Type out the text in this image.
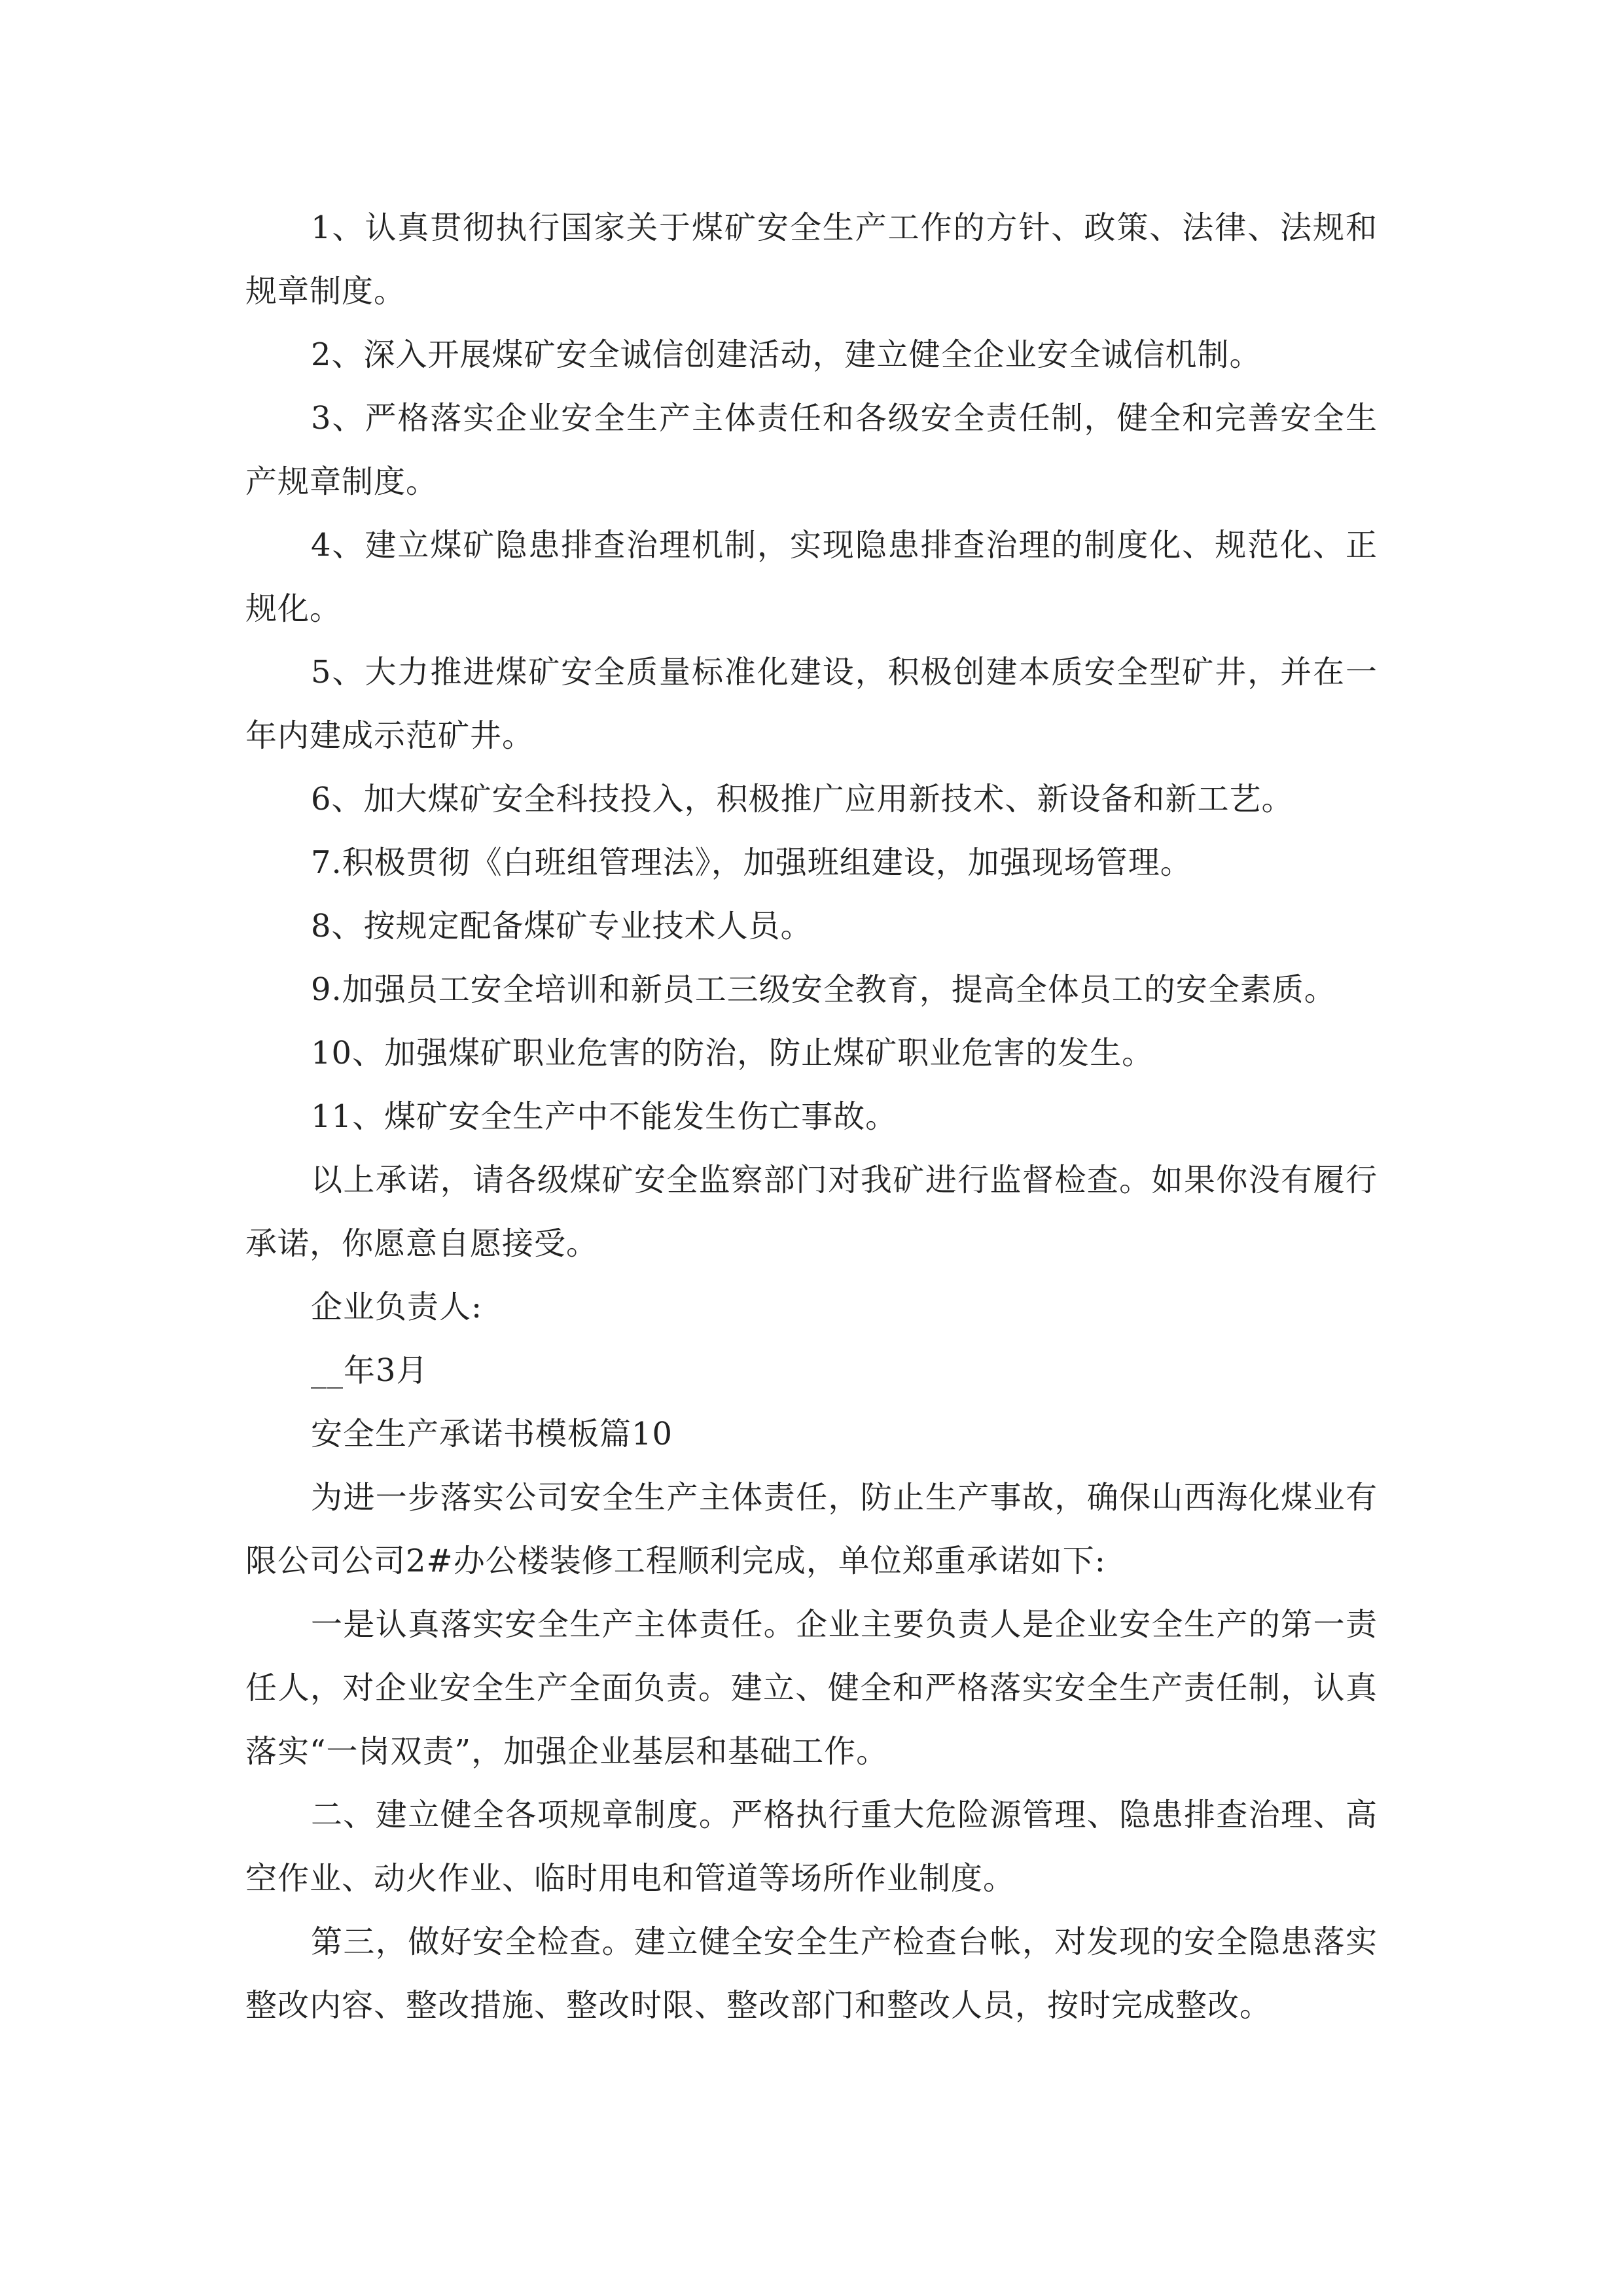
1、认真贯彻执行国家关于煤矿安全生产工作的方针、政策、法律、法规和规章制度。

2、深入开展煤矿安全诚信创建活动，建立健全企业安全诚信机制。

3、严格落实企业安全生产主体责任和各级安全责任制，健全和完善安全生产规章制度。

4、建立煤矿隐患排查治理机制，实现隐患排查治理的制度化、规范化、正规化。

5、大力推进煤矿安全质量标准化建设，积极创建本质安全型矿井，并在一年内建成示范矿井。

6、加大煤矿安全科技投入，积极推广应用新技术、新设备和新工艺。

7.积极贯彻《白班组管理法》，加强班组建设，加强现场管理。

8、按规定配备煤矿专业技术人员。

9.加强员工安全培训和新员工三级安全教育，提高全体员工的安全素质。

10、加强煤矿职业危害的防治，防止煤矿职业危害的发生。

11、煤矿安全生产中不能发生伤亡事故。

以上承诺，请各级煤矿安全监察部门对我矿进行监督检查。如果你没有履行承诺，你愿意自愿接受。

企业负责人:

__年3月

安全生产承诺书模板篇10

为进一步落实公司安全生产主体责任，防止生产事故，确保山西海化煤业有限公司公司2#办公楼装修工程顺利完成，单位郑重承诺如下:

一是认真落实安全生产主体责任。企业主要负责人是企业安全生产的第一责任人，对企业安全生产全面负责。建立、健全和严格落实安全生产责任制，认真落实“一岗双责”，加强企业基层和基础工作。

二、建立健全各项规章制度。严格执行重大危险源管理、隐患排查治理、高空作业、动火作业、临时用电和管道等场所作业制度。

第三，做好安全检查。建立健全安全生产检查台帐，对发现的安全隐患落实整改内容、整改措施、整改时限、整改部门和整改人员，按时完成整改。
